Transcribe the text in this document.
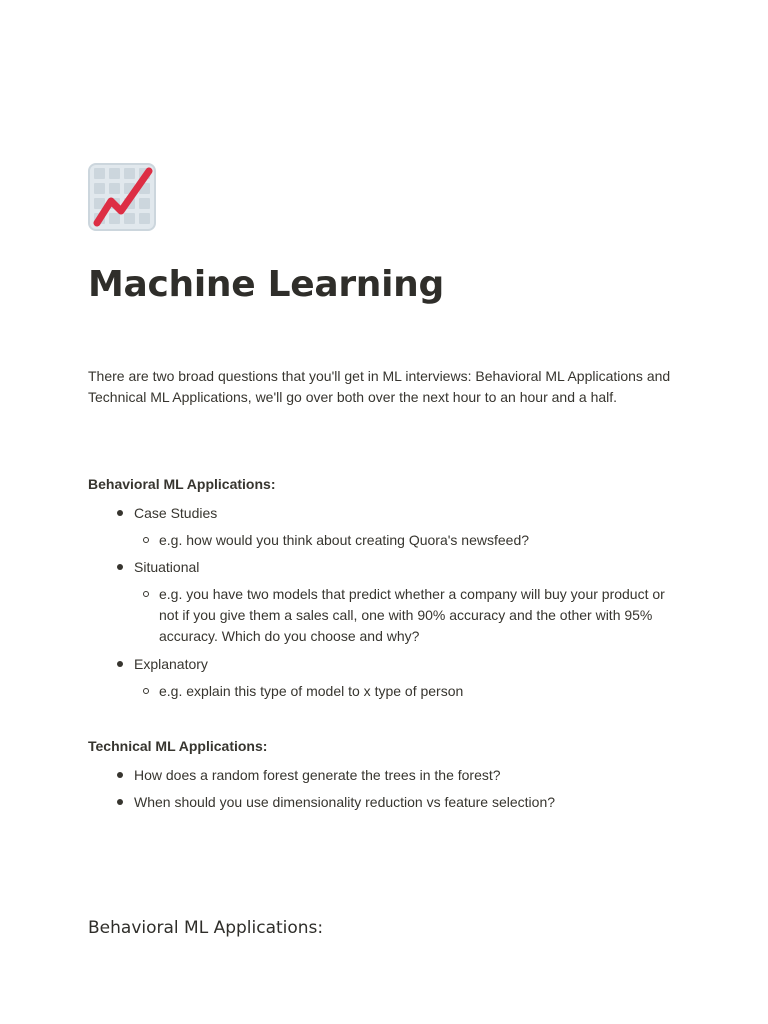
Machine Learning

There are two broad questions that you'll get in ML interviews: Behavioral ML Applications and Technical ML Applications, we'll go over both over the next hour to an hour and a half.

Behavioral ML Applications:

Case Studies
e.g. how would you think about creating Quora's newsfeed?
Situational
e.g. you have two models that predict whether a company will buy your product or not if you give them a sales call, one with 90% accuracy and the other with 95% accuracy. Which do you choose and why?
Explanatory
e.g. explain this type of model to x type of person

Technical ML Applications:

How does a random forest generate the trees in the forest?
When should you use dimensionality reduction vs feature selection?
Behavioral ML Applications:
